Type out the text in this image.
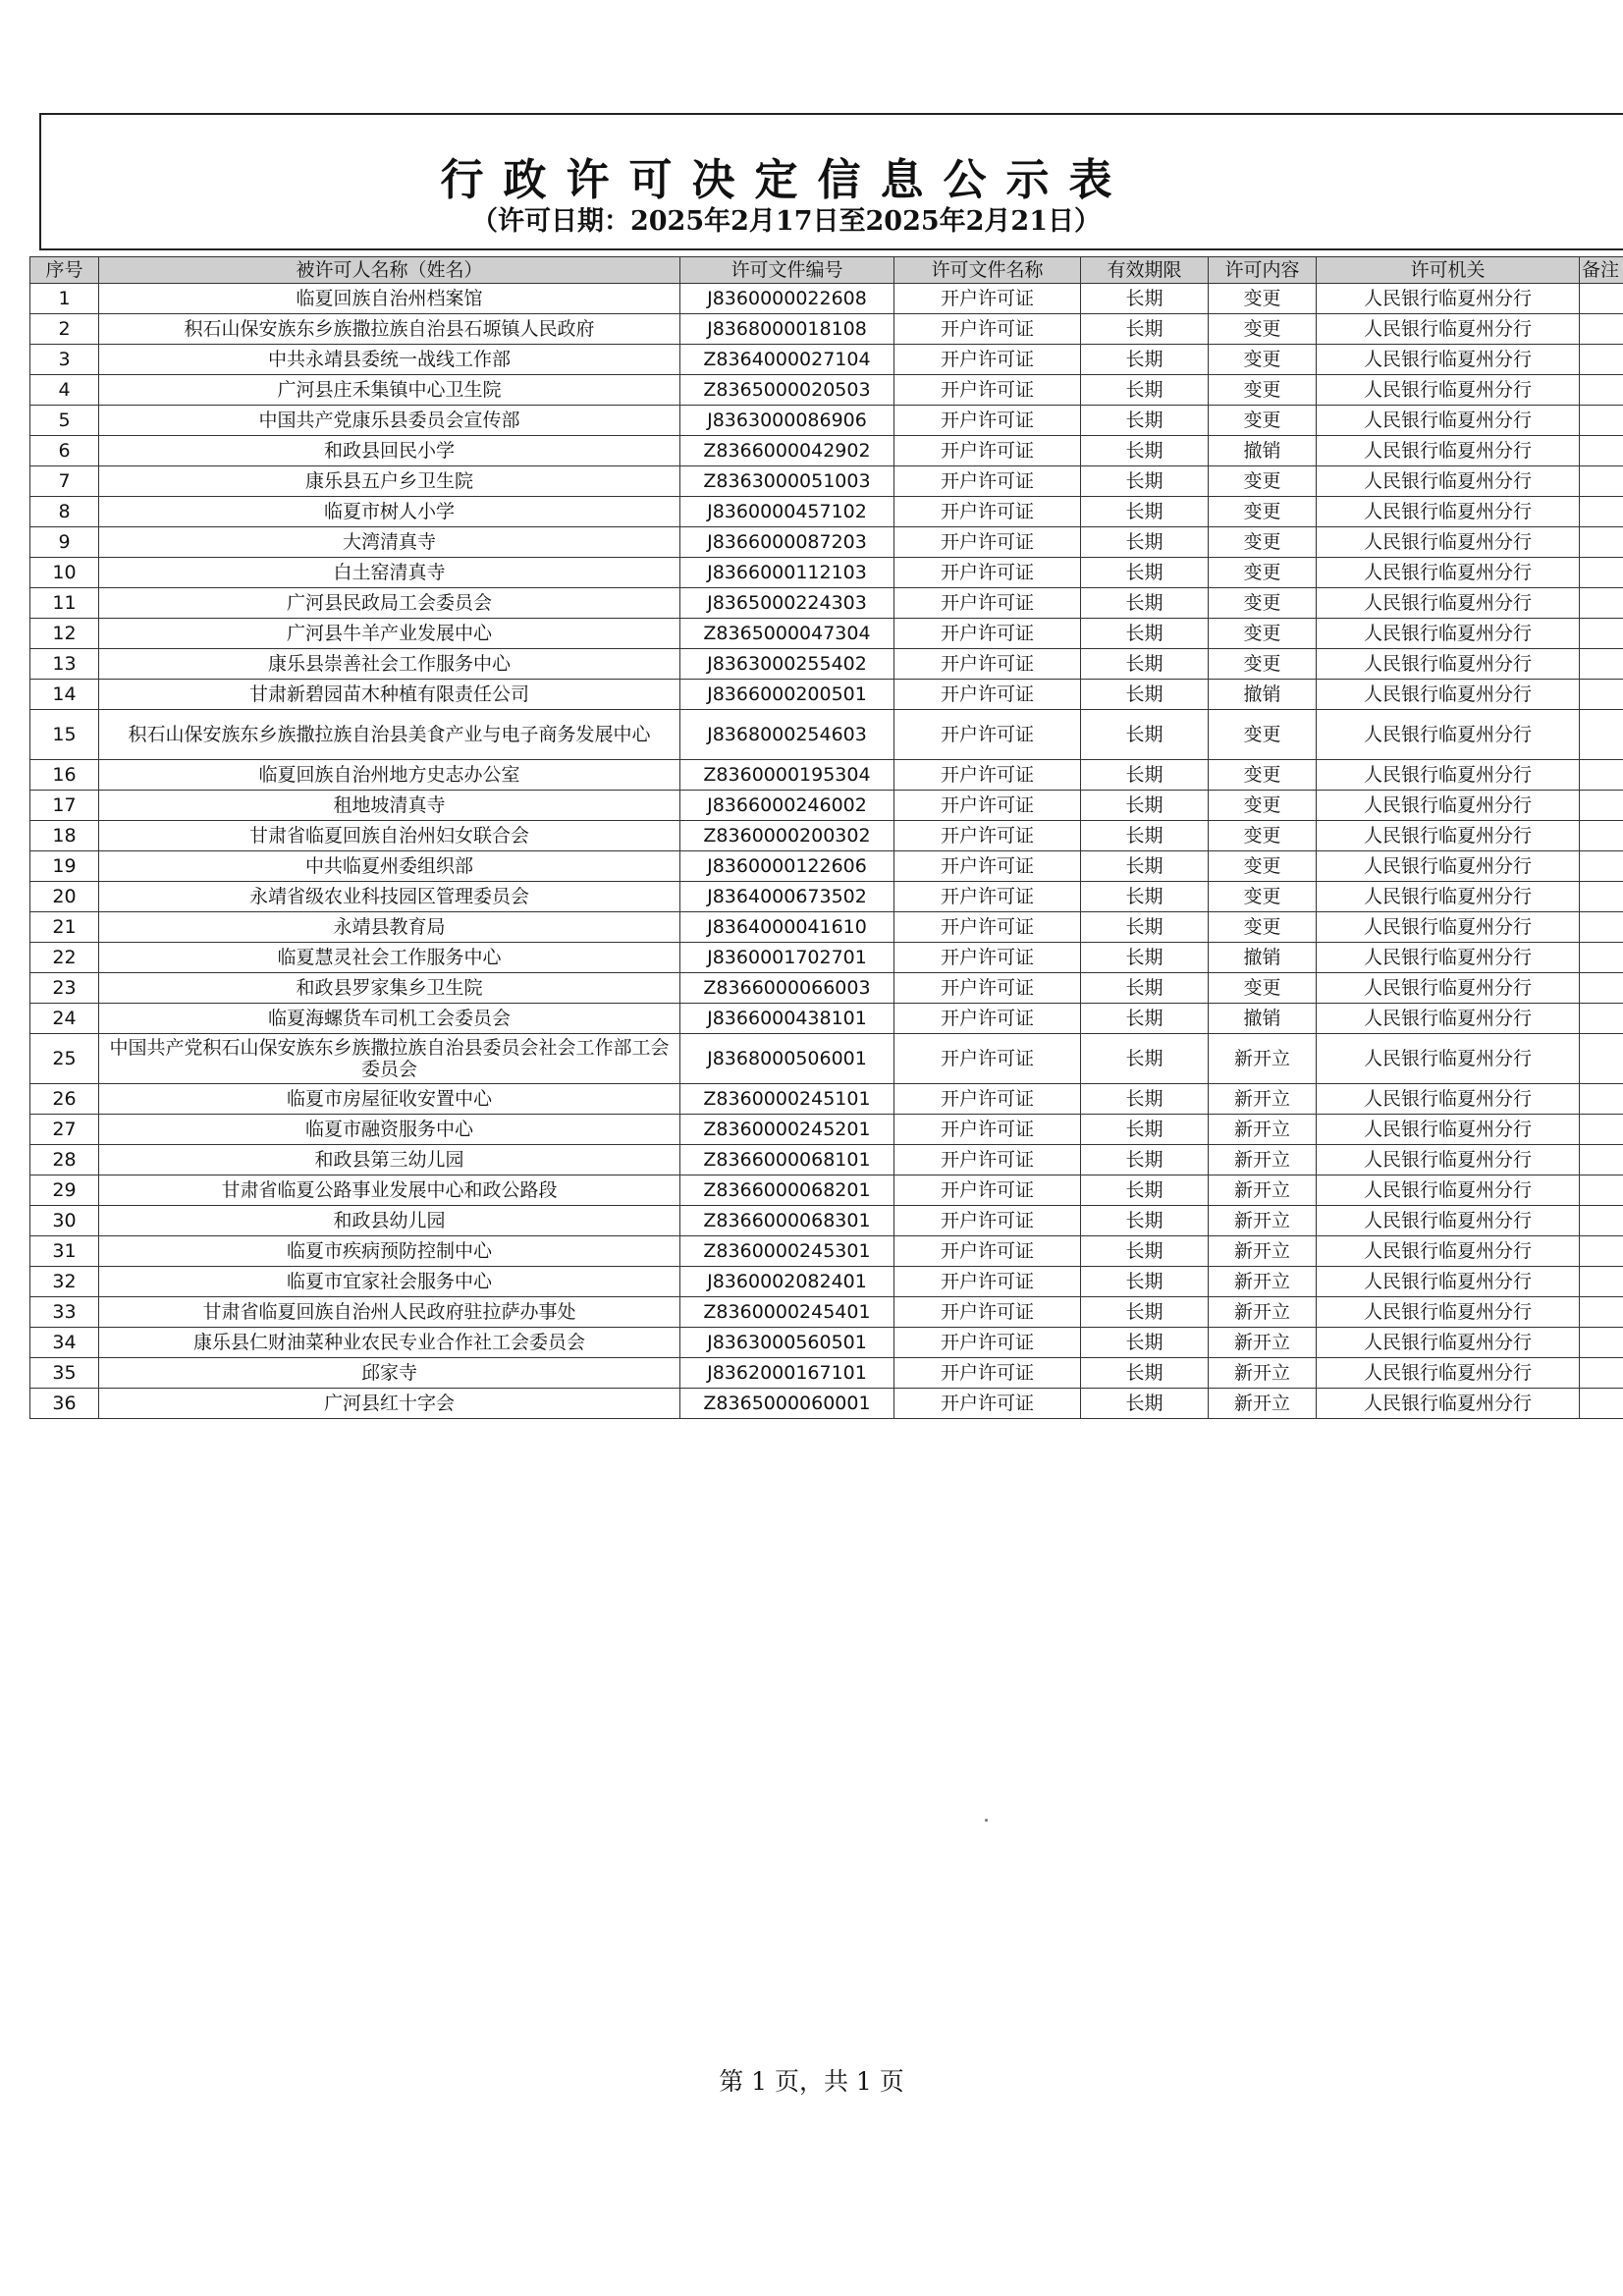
行政许可决定信息公示表
（许可日期：2025年2月17日至2025年2月21日）
序号	被许可人名称（姓名）	许可文件编号	许可文件名称	有效期限	许可内容	许可机关	备注
1	临夏回族自治州档案馆	J8360000022608	开户许可证	长期	变更	人民银行临夏州分行	
2	积石山保安族东乡族撒拉族自治县石塬镇人民政府	J8368000018108	开户许可证	长期	变更	人民银行临夏州分行	
3	中共永靖县委统一战线工作部	Z8364000027104	开户许可证	长期	变更	人民银行临夏州分行	
4	广河县庄禾集镇中心卫生院	Z8365000020503	开户许可证	长期	变更	人民银行临夏州分行	
5	中国共产党康乐县委员会宣传部	J8363000086906	开户许可证	长期	变更	人民银行临夏州分行	
6	和政县回民小学	Z8366000042902	开户许可证	长期	撤销	人民银行临夏州分行	
7	康乐县五户乡卫生院	Z8363000051003	开户许可证	长期	变更	人民银行临夏州分行	
8	临夏市树人小学	J8360000457102	开户许可证	长期	变更	人民银行临夏州分行	
9	大湾清真寺	J8366000087203	开户许可证	长期	变更	人民银行临夏州分行	
10	白土窑清真寺	J8366000112103	开户许可证	长期	变更	人民银行临夏州分行	
11	广河县民政局工会委员会	J8365000224303	开户许可证	长期	变更	人民银行临夏州分行	
12	广河县牛羊产业发展中心	Z8365000047304	开户许可证	长期	变更	人民银行临夏州分行	
13	康乐县崇善社会工作服务中心	J8363000255402	开户许可证	长期	变更	人民银行临夏州分行	
14	甘肃新碧园苗木种植有限责任公司	J8366000200501	开户许可证	长期	撤销	人民银行临夏州分行	
15	积石山保安族东乡族撒拉族自治县美食产业与电子商务发展中心	J8368000254603	开户许可证	长期	变更	人民银行临夏州分行	
16	临夏回族自治州地方史志办公室	Z8360000195304	开户许可证	长期	变更	人民银行临夏州分行	
17	租地坡清真寺	J8366000246002	开户许可证	长期	变更	人民银行临夏州分行	
18	甘肃省临夏回族自治州妇女联合会	Z8360000200302	开户许可证	长期	变更	人民银行临夏州分行	
19	中共临夏州委组织部	J8360000122606	开户许可证	长期	变更	人民银行临夏州分行	
20	永靖省级农业科技园区管理委员会	J8364000673502	开户许可证	长期	变更	人民银行临夏州分行	
21	永靖县教育局	J8364000041610	开户许可证	长期	变更	人民银行临夏州分行	
22	临夏慧灵社会工作服务中心	J8360001702701	开户许可证	长期	撤销	人民银行临夏州分行	
23	和政县罗家集乡卫生院	Z8366000066003	开户许可证	长期	变更	人民银行临夏州分行	
24	临夏海螺货车司机工会委员会	J8366000438101	开户许可证	长期	撤销	人民银行临夏州分行	
25	中国共产党积石山保安族东乡族撒拉族自治县委员会社会工作部工会委员会	J8368000506001	开户许可证	长期	新开立	人民银行临夏州分行	
26	临夏市房屋征收安置中心	Z8360000245101	开户许可证	长期	新开立	人民银行临夏州分行	
27	临夏市融资服务中心	Z8360000245201	开户许可证	长期	新开立	人民银行临夏州分行	
28	和政县第三幼儿园	Z8366000068101	开户许可证	长期	新开立	人民银行临夏州分行	
29	甘肃省临夏公路事业发展中心和政公路段	Z8366000068201	开户许可证	长期	新开立	人民银行临夏州分行	
30	和政县幼儿园	Z8366000068301	开户许可证	长期	新开立	人民银行临夏州分行	
31	临夏市疾病预防控制中心	Z8360000245301	开户许可证	长期	新开立	人民银行临夏州分行	
32	临夏市宜家社会服务中心	J8360002082401	开户许可证	长期	新开立	人民银行临夏州分行	
33	甘肃省临夏回族自治州人民政府驻拉萨办事处	Z8360000245401	开户许可证	长期	新开立	人民银行临夏州分行	
34	康乐县仁财油菜种业农民专业合作社工会委员会	J8363000560501	开户许可证	长期	新开立	人民银行临夏州分行	
35	邱家寺	J8362000167101	开户许可证	长期	新开立	人民银行临夏州分行	
36	广河县红十字会	Z8365000060001	开户许可证	长期	新开立	人民银行临夏州分行	
第 1 页，共 1 页
